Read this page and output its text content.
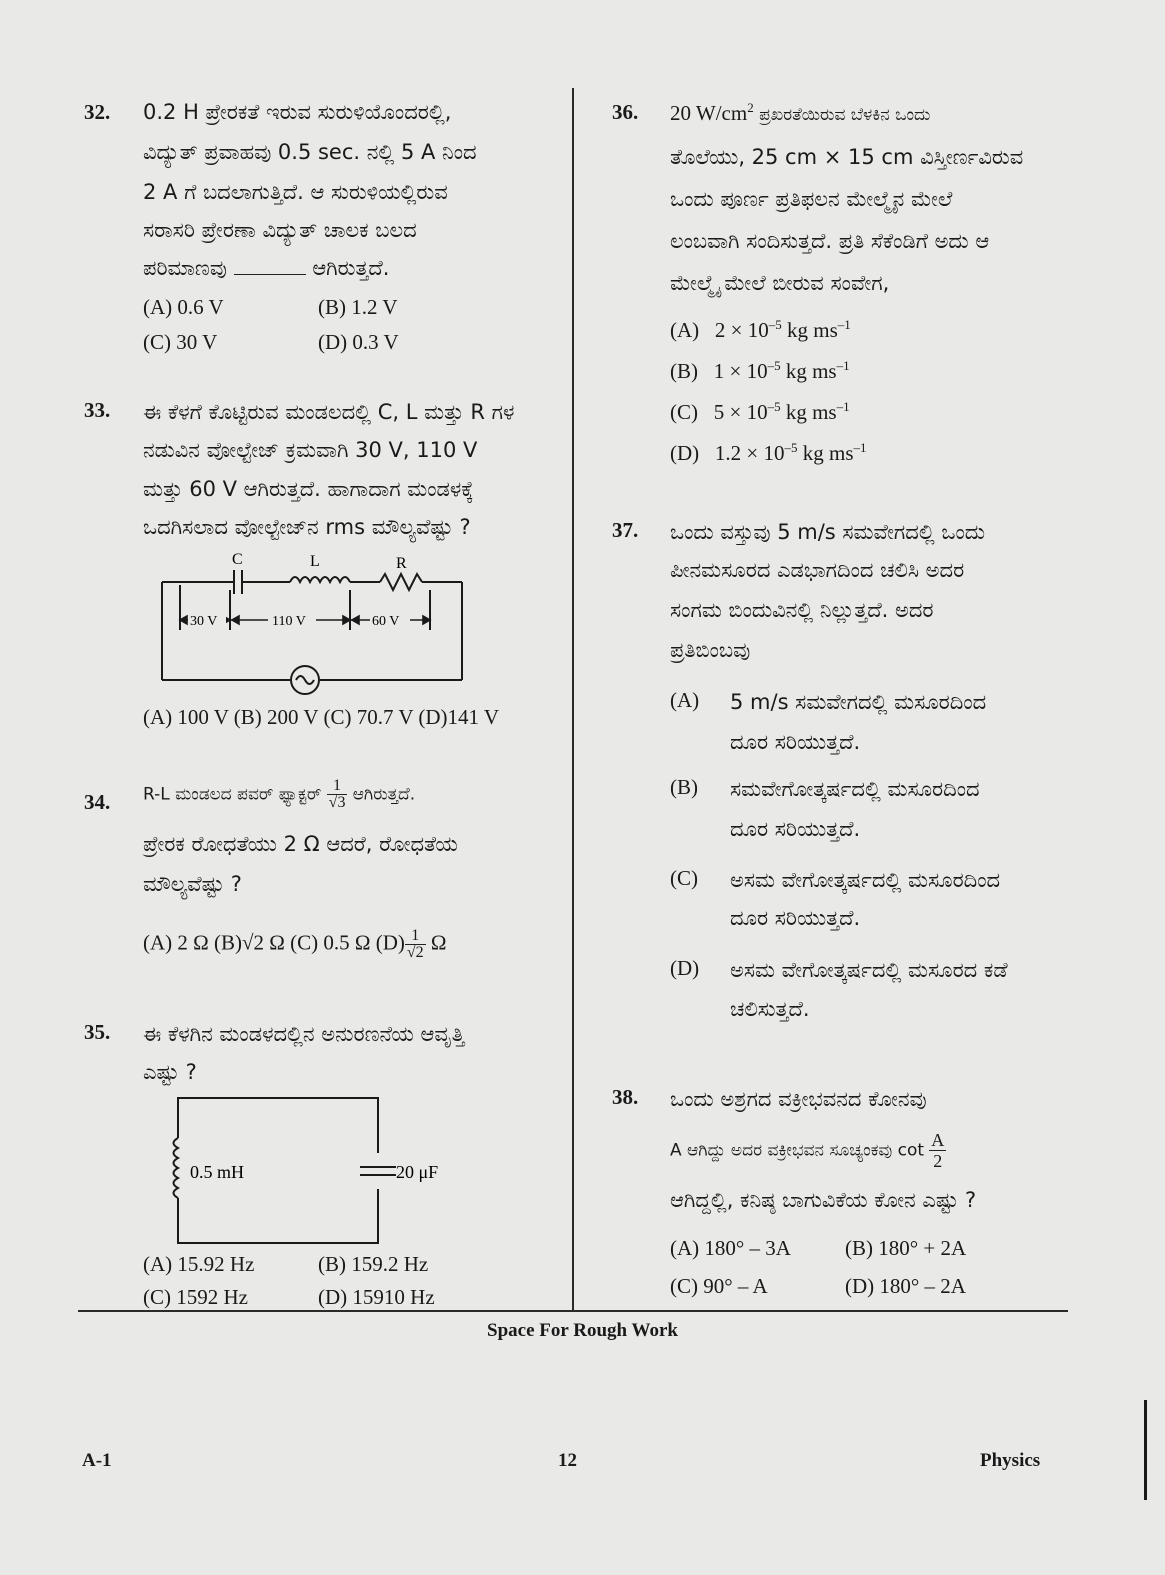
32. 0.2 H ಪ್ರೇರಕತೆ ಇರುವ ಸುರುಳಿಯೊಂದರಲ್ಲಿ,
ವಿದ್ಯುತ್ ಪ್ರವಾಹವು 0.5 sec. ನಲ್ಲಿ 5 A ನಿಂದ
2 A ಗೆ ಬದಲಾಗುತ್ತಿದೆ. ಆ ಸುರುಳಿಯಲ್ಲಿರುವ
ಸರಾಸರಿ ಪ್ರೇರಣಾ ವಿದ್ಯುತ್ ಚಾಲಕ ಬಲದ
ಪರಿಮಾಣವು	ಆಗಿರುತ್ತದೆ.
(A) 0.6 V	(B) 1.2 V
(C) 30 V	(D) 0.3 V
33. ಈ ಕೆಳಗೆ ಕೊಟ್ಟಿರುವ ಮಂಡಲದಲ್ಲಿ C, L ಮತ್ತು R ಗಳ
ನಡುವಿನ ವೋಲ್ಟೇಜ್ ಕ್ರಮವಾಗಿ 30 V, 110 V
ಮತ್ತು 60 V ಆಗಿರುತ್ತದೆ. ಹಾಗಾದಾಗ ಮಂಡಳಕ್ಕೆ
ಒದಗಿಸಲಾದ ವೋಲ್ಟೇಜ್‌ನ rms ಮೌಲ್ಯವೆಷ್ಟು ?
C	L	R
30 V	110 V	60 V
(A) 100 V (B) 200 V (C) 70.7 V (D)141 V
34. R-L ಮಂಡಲದ ಪವರ್ ಫ್ಯಾಕ್ಟರ್ $\frac{1}{√3}$ ಆಗಿರುತ್ತದೆ.
ಪ್ರೇರಕ ರೋಧತೆಯು 2 Ω ಆದರೆ, ರೋಧತೆಯ
ಮೌಲ್ಯವೆಷ್ಟು ?
(A) 2 Ω (B)√2 Ω (C) 0.5 Ω $(D) \frac{1}{√2}$ Ω
35. ಈ ಕೆಳಗಿನ ಮಂಡಳದಲ್ಲಿನ ಅನುರಣನೆಯ ಆವೃತ್ತಿ
ಎಷ್ಟು ?
0.5 mH	20 μF
(A) 15.92 Hz	(B) 159.2 Hz
(C) 1592 Hz	(D) 15910 Hz
36. 20 $W/cm^2$ ಪ್ರಖರತೆಯಿರುವ ಬೆಳಕಿನ ಒಂದು
ತೊಲೆಯು, 25 cm × 15 cm ವಿಸ್ತೀರ್ಣವಿರುವ
ಒಂದು ಪೂರ್ಣ ಪ್ರತಿಫಲನ ಮೇಲ್ಮೈನ ಮೇಲೆ
ಲಂಬವಾಗಿ ಸಂದಿಸುತ್ತದೆ. ಪ್ರತಿ ಸೆಕೆಂಡಿಗೆ ಅದು ಆ
ಮೇಲ್ಮೈ ಮೇಲೆ ಬೀರುವ ಸಂವೇಗ,
(A) $2 \times 10^{-5}$ kg $ms^{-1}$
(B) $1 \times 10^{-5}$ kg $ms^{-1}$
(C) $5 \times 10^{-5}$ kg $ms^{-1}$
(D) $1.2 \times 10^{-5}$ kg $ms^{-1}$
37. ಒಂದು ವಸ್ತುವು 5 m/s ಸಮವೇಗದಲ್ಲಿ ಒಂದು
ಪೀನಮಸೂರದ ಎಡಭಾಗದಿಂದ ಚಲಿಸಿ ಅದರ
ಸಂಗಮ ಬಿಂದುವಿನಲ್ಲಿ ನಿಲ್ಲುತ್ತದೆ. ಅದರ
ಪ್ರತಿಬಿಂಬವು
(A) 5 m/s ಸಮವೇಗದಲ್ಲಿ ಮಸೂರದಿಂದ
ದೂರ ಸರಿಯುತ್ತದೆ.
(B) ಸಮವೇಗೋತ್ಕರ್ಷದಲ್ಲಿ ಮಸೂರದಿಂದ
ದೂರ ಸರಿಯುತ್ತದೆ.
(C) ಅಸಮ ವೇಗೋತ್ಕರ್ಷದಲ್ಲಿ ಮಸೂರದಿಂದ
ದೂರ ಸರಿಯುತ್ತದೆ.
(D) ಅಸಮ ವೇಗೋತ್ಕರ್ಷದಲ್ಲಿ ಮಸೂರದ ಕಡೆ
ಚಲಿಸುತ್ತದೆ.
38. ಒಂದು ಅಶ್ರಗದ ವಕ್ರೀಭವನದ ಕೋನವು
A ಆಗಿದ್ದು ಅದರ ವಕ್ರೀಭವನ ಸೂಚ್ಯಂಕವು $\cot \frac{A}{2}$
ಆಗಿದ್ದಲ್ಲಿ, ಕನಿಷ್ಠ ಬಾಗುವಿಕೆಯ ಕೋನ ಎಷ್ಟು ?
(A) 180° – 3A	(B) 180° + 2A
(C) 90° – A	(D) 180° – 2A
Space For Rough Work
A-1	12	Physics
